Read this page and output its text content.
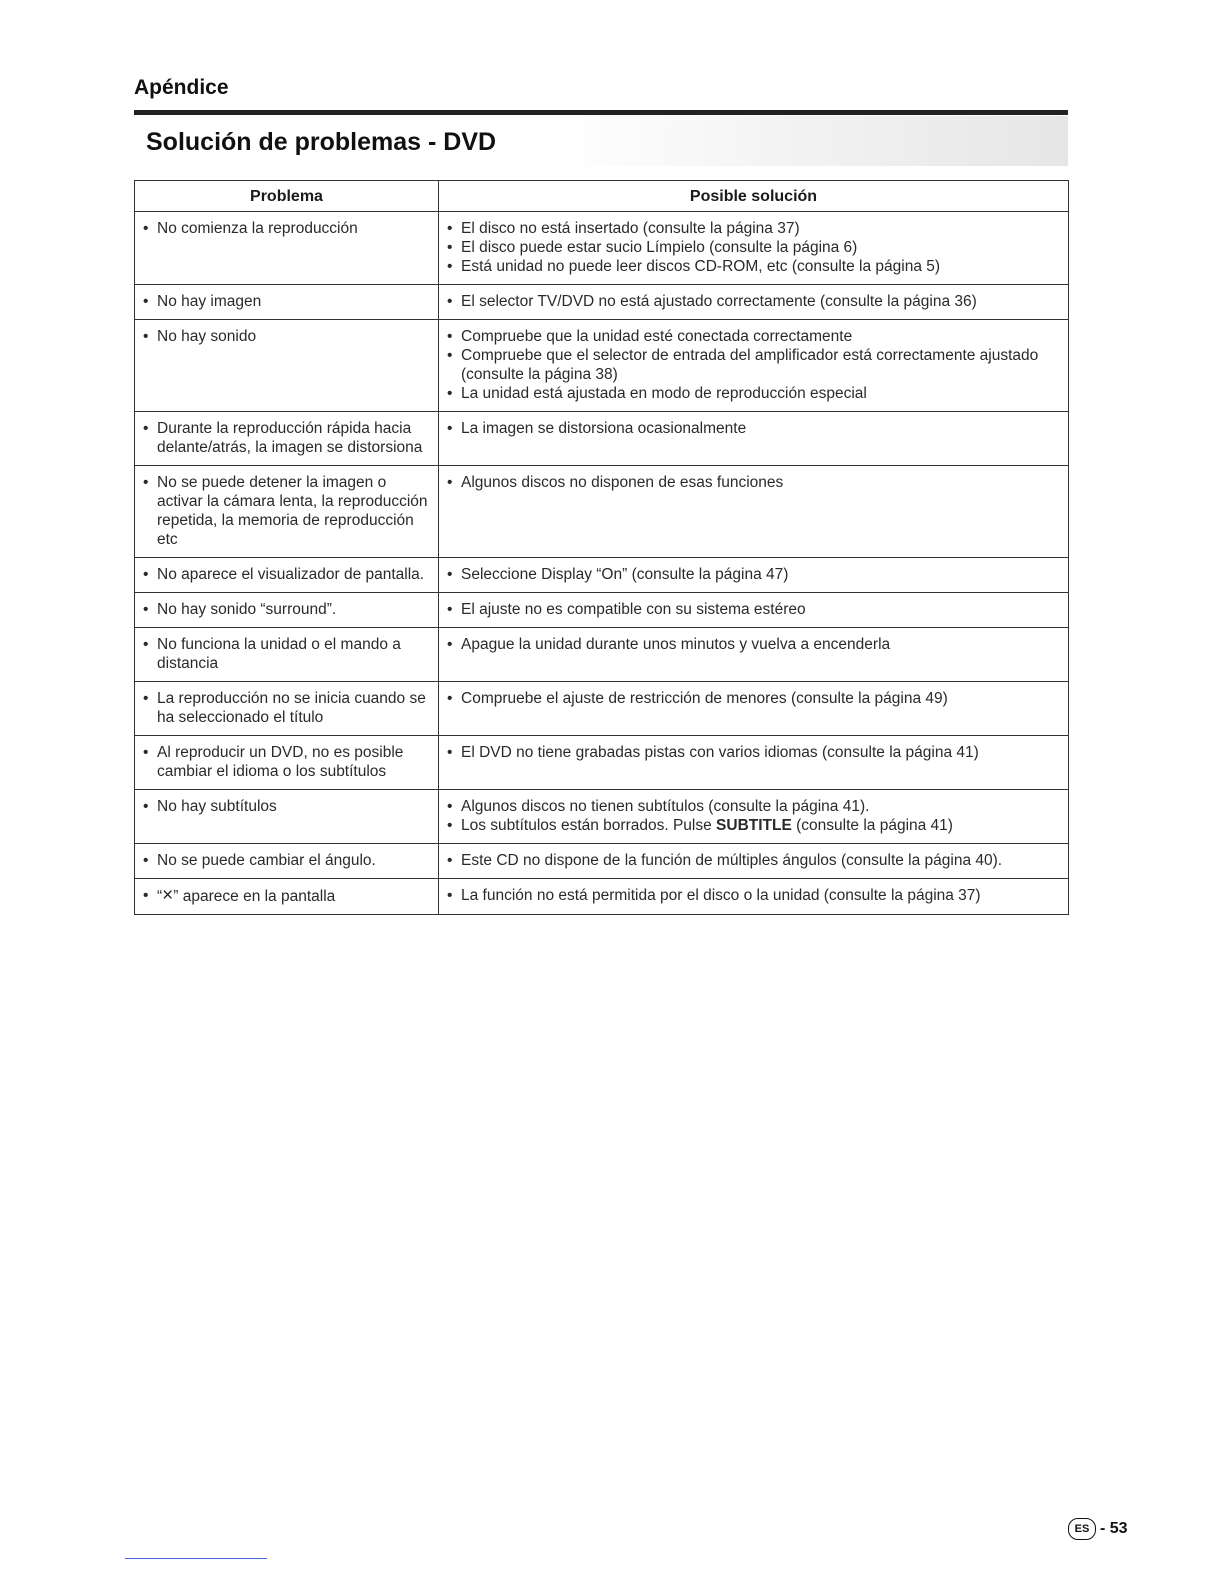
Apéndice
Solución de problemas - DVD
Problema	Posible solución

• No comienza la reproducción	• El disco no está insertado (consulte la página 37)
• El disco puede estar sucio Límpielo (consulte la página 6)
• Está unidad no puede leer discos CD-ROM, etc (consulte la página 5)

• No hay imagen	• El selector TV/DVD no está ajustado correctamente (consulte la página 36)

• No hay sonido	• Compruebe que la unidad esté conectada correctamente
• Compruebe que el selector de entrada del amplificador está correctamente ajustado (consulte la página 38)
• La unidad está ajustada en modo de reproducción especial

• Durante la reproducción rápida hacia delante/atrás, la imagen se distorsiona	• La imagen se distorsiona ocasionalmente

• No se puede detener la imagen o activar la cámara lenta, la reproducción repetida, la memoria de reproducción etc	• Algunos discos no disponen de esas funciones

• No aparece el visualizador de pantalla.	• Seleccione Display “On” (consulte la página 47)

• No hay sonido “surround”.	• El ajuste no es compatible con su sistema estéreo

• No funciona la unidad o el mando a distancia	• Apague la unidad durante unos minutos y vuelva a encenderla

• La reproducción no se inicia cuando se ha seleccionado el título	• Compruebe el ajuste de restricción de menores (consulte la página 49)

• Al reproducir un DVD, no es posible cambiar el idioma o los subtítulos	• El DVD no tiene grabadas pistas con varios idiomas (consulte la página 41)

• No hay subtítulos	• Algunos discos no tienen subtítulos (consulte la página 41).
• Los subtítulos están borrados. Pulse SUBTITLE (consulte la página 41)

• No se puede cambiar el ángulo.	• Este CD no dispone de la función de múltiples ángulos (consulte la página 40).

• “×” aparece en la pantalla	• La función no está permitida por el disco o la unidad (consulte la página 37)
ES - 53
